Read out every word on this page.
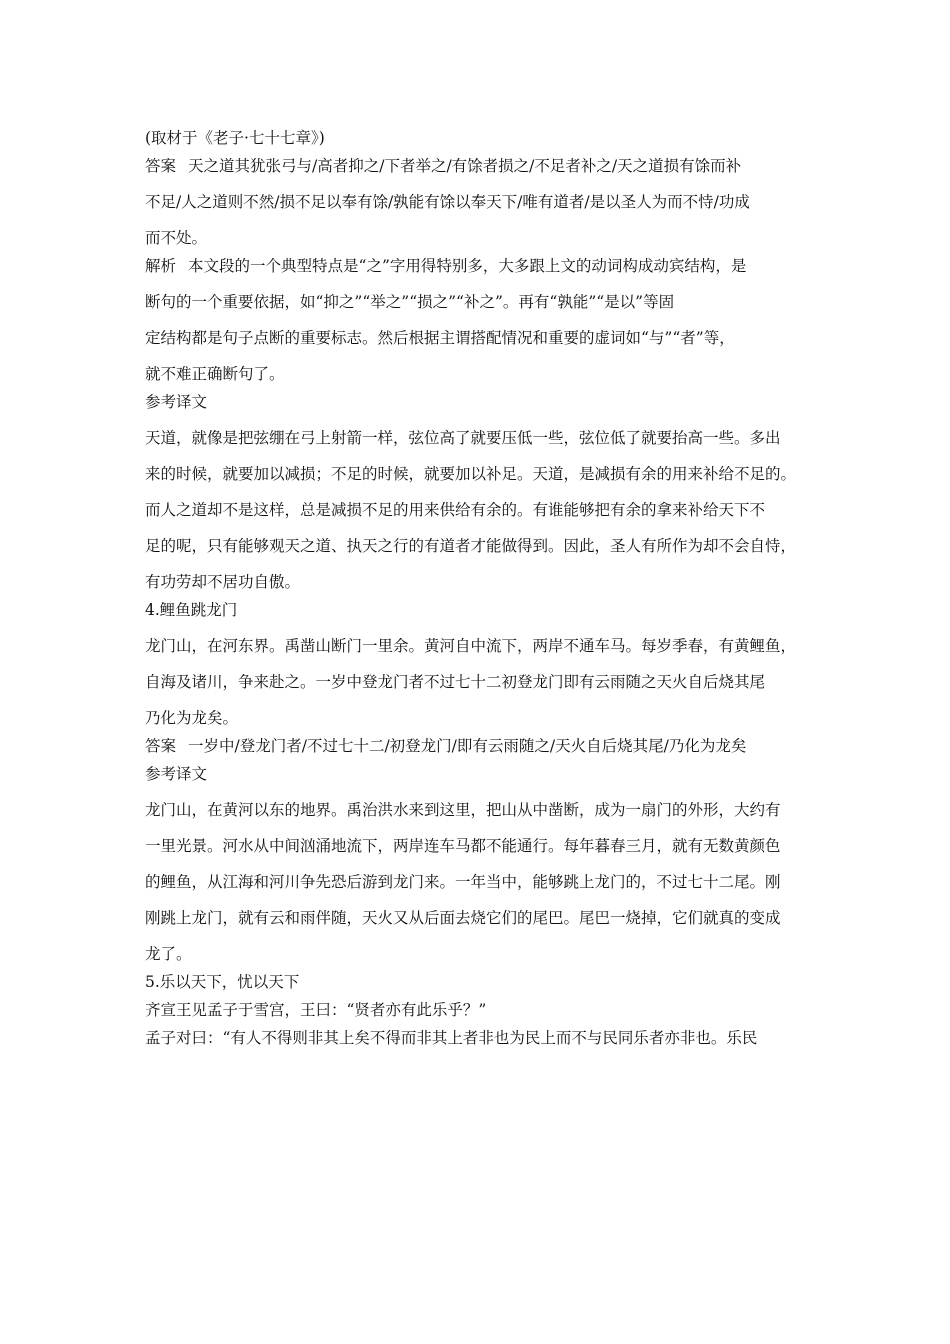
(取材于《老子·七十七章》)

答案 天之道其犹张弓与/高者抑之/下者举之/有馀者损之/不足者补之/天之道损有馀而补

不足/人之道则不然/损不足以奉有馀/孰能有馀以奉天下/唯有道者/是以圣人为而不恃/功成

而不处。

解析 本文段的一个典型特点是“之”字用得特别多，大多跟上文的动词构成动宾结构，是

断句的一个重要依据，如“抑之”“举之”“损之”“补之”。再有“孰能”“是以”等固

定结构都是句子点断的重要标志。然后根据主谓搭配情况和重要的虚词如“与”“者”等，

就不难正确断句了。

参考译文

天道，就像是把弦绷在弓上射箭一样，弦位高了就要压低一些，弦位低了就要抬高一些。多出

来的时候，就要加以减损；不足的时候，就要加以补足。天道，是减损有余的用来补给不足的。

而人之道却不是这样，总是减损不足的用来供给有余的。有谁能够把有余的拿来补给天下不

足的呢，只有能够观天之道、执天之行的有道者才能做得到。因此，圣人有所作为却不会自恃，

有功劳却不居功自傲。

4.鲤鱼跳龙门

龙门山，在河东界。禹凿山断门一里余。黄河自中流下，两岸不通车马。每岁季春，有黄鲤鱼，

自海及诸川，争来赴之。一岁中登龙门者不过七十二初登龙门即有云雨随之天火自后烧其尾

乃化为龙矣。

答案 一岁中/登龙门者/不过七十二/初登龙门/即有云雨随之/天火自后烧其尾/乃化为龙矣

参考译文

龙门山，在黄河以东的地界。禹治洪水来到这里，把山从中凿断，成为一扇门的外形，大约有

一里光景。河水从中间汹涌地流下，两岸连车马都不能通行。每年暮春三月，就有无数黄颜色

的鲤鱼，从江海和河川争先恐后游到龙门来。一年当中，能够跳上龙门的，不过七十二尾。刚

刚跳上龙门，就有云和雨伴随，天火又从后面去烧它们的尾巴。尾巴一烧掉，它们就真的变成

龙了。

5.乐以天下，忧以天下

齐宣王见孟子于雪宫，王曰：“贤者亦有此乐乎？”

孟子对曰：“有人不得则非其上矣不得而非其上者非也为民上而不与民同乐者亦非也。乐民
